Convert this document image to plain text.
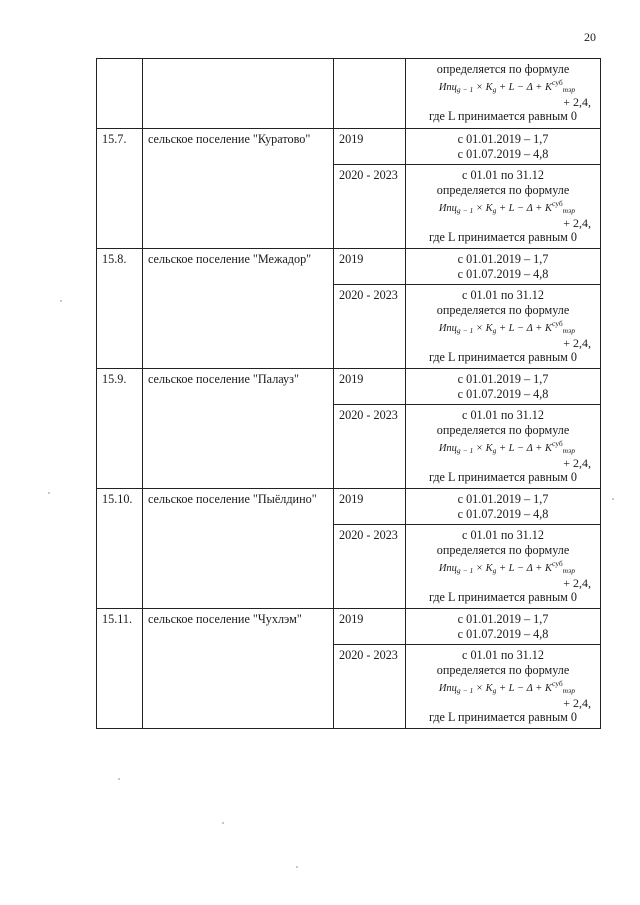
20

			определяется по формуле
$Ипц_{g - 1} \times K_g + L - \Delta + K^{суб}_{тэр}$
+ 2,4,
где L принимается равным 0

15.7.	сельское поселение "Куратово"	2019	с 01.01.2019 – 1,7
с 01.07.2019 – 4,8

		2020 - 2023	с 01.01 по 31.12
определяется по формуле
$Ипц_{g - 1} \times K_g + L - \Delta + K^{суб}_{тэр}$
+ 2,4,
где L принимается равным 0

15.8.	сельское поселение "Межадор"	2019	с 01.01.2019 – 1,7
с 01.07.2019 – 4,8

		2020 - 2023	с 01.01 по 31.12
определяется по формуле
$Ипц_{g - 1} \times K_g + L - \Delta + K^{суб}_{тэр}$
+ 2,4,
где L принимается равным 0

15.9.	сельское поселение "Палауз"	2019	с 01.01.2019 – 1,7
с 01.07.2019 – 4,8

		2020 - 2023	с 01.01 по 31.12
определяется по формуле
$Ипц_{g - 1} \times K_g + L - \Delta + K^{суб}_{тэр}$
+ 2,4,
где L принимается равным 0

15.10.	сельское поселение "Пыёлдино"	2019	с 01.01.2019 – 1,7
с 01.07.2019 – 4,8

		2020 - 2023	с 01.01 по 31.12
определяется по формуле
$Ипц_{g - 1} \times K_g + L - \Delta + K^{суб}_{тэр}$
+ 2,4,
где L принимается равным 0

15.11.	сельское поселение "Чухлэм"	2019	с 01.01.2019 – 1,7
с 01.07.2019 – 4,8

		2020 - 2023	с 01.01 по 31.12
определяется по формуле
$Ипц_{g - 1} \times K_g + L - \Delta + K^{суб}_{тэр}$
+ 2,4,
где L принимается равным 0
